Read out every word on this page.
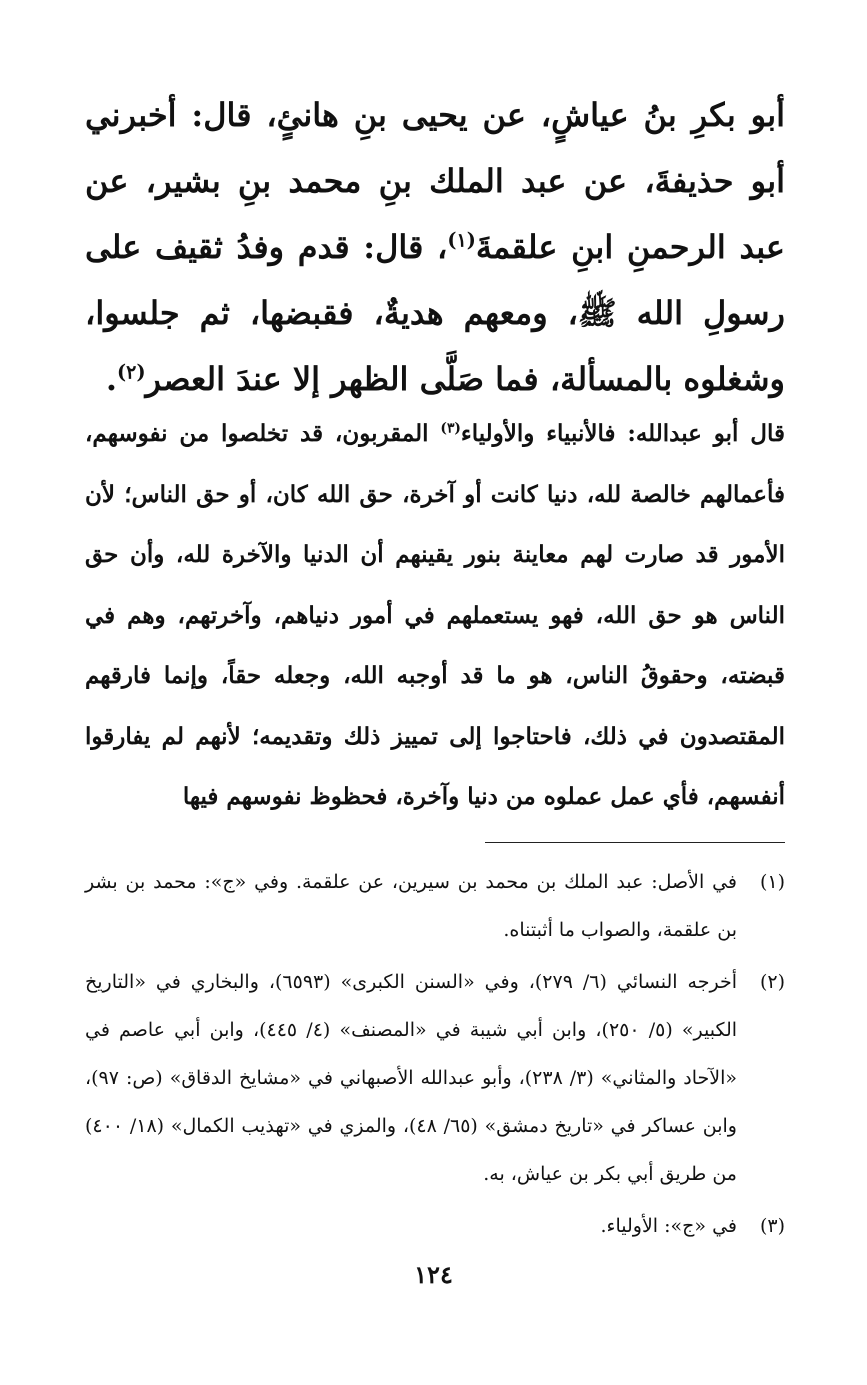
أبو بكرِ بنُ عياشٍ، عن يحيى بنِ هانئٍ، قال: أخبرني أبو حذيفةَ، عن عبد الملك بنِ محمد بنِ بشير، عن عبد الرحمنِ ابنِ علقمةَ$^{(١)}$، قال: قدم وفدُ ثقيف على رسولِ الله ﷺ، ومعهم هديةٌ، فقبضها، ثم جلسوا، وشغلوه بالمسألة، فما صَلَّى الظهر إلا عندَ العصر$^{(٢)}$.

قال أبو عبدالله: فالأنبياء والأولياء$^{(٣)}$ المقربون، قد تخلصوا من نفوسهم، فأعمالهم خالصة لله، دنيا كانت أو آخرة، حق الله كان، أو حق الناس؛ لأن الأمور قد صارت لهم معاينة بنور يقينهم أن الدنيا والآخرة لله، وأن حق الناس هو حق الله، فهو يستعملهم في أمور دنياهم، وآخرتهم، وهم في قبضته، وحقوقُ الناس، هو ما قد أوجبه الله، وجعله حقاً، وإنما فارقهم المقتصدون في ذلك، فاحتاجوا إلى تمييز ذلك وتقديمه؛ لأنهم لم يفارقوا أنفسهم، فأي عمل عملوه من دنيا وآخرة، فحظوظ نفوسهم فيها

(١)
في الأصل: عبد الملك بن محمد بن سيرين، عن علقمة. وفي «ج»: محمد بن بشر بن علقمة، والصواب ما أثبتناه.
(٢)
أخرجه النسائي (٦/ ٢٧٩)، وفي «السنن الكبرى» (٦٥٩٣)، والبخاري في «التاريخ الكبير» (٥/ ٢٥٠)، وابن أبي شيبة في «المصنف» (٤/ ٤٤٥)، وابن أبي عاصم في «الآحاد والمثاني» (٣/ ٢٣٨)، وأبو عبدالله الأصبهاني في «مشايخ الدقاق» (ص: ٩٧)، وابن عساكر في «تاريخ دمشق» (٦٥/ ٤٨)، والمزي في «تهذيب الكمال» (١٨/ ٤٠٠) من طريق أبي بكر بن عياش، به.
(٣)
في «ج»: الأولياء.
١٢٤
